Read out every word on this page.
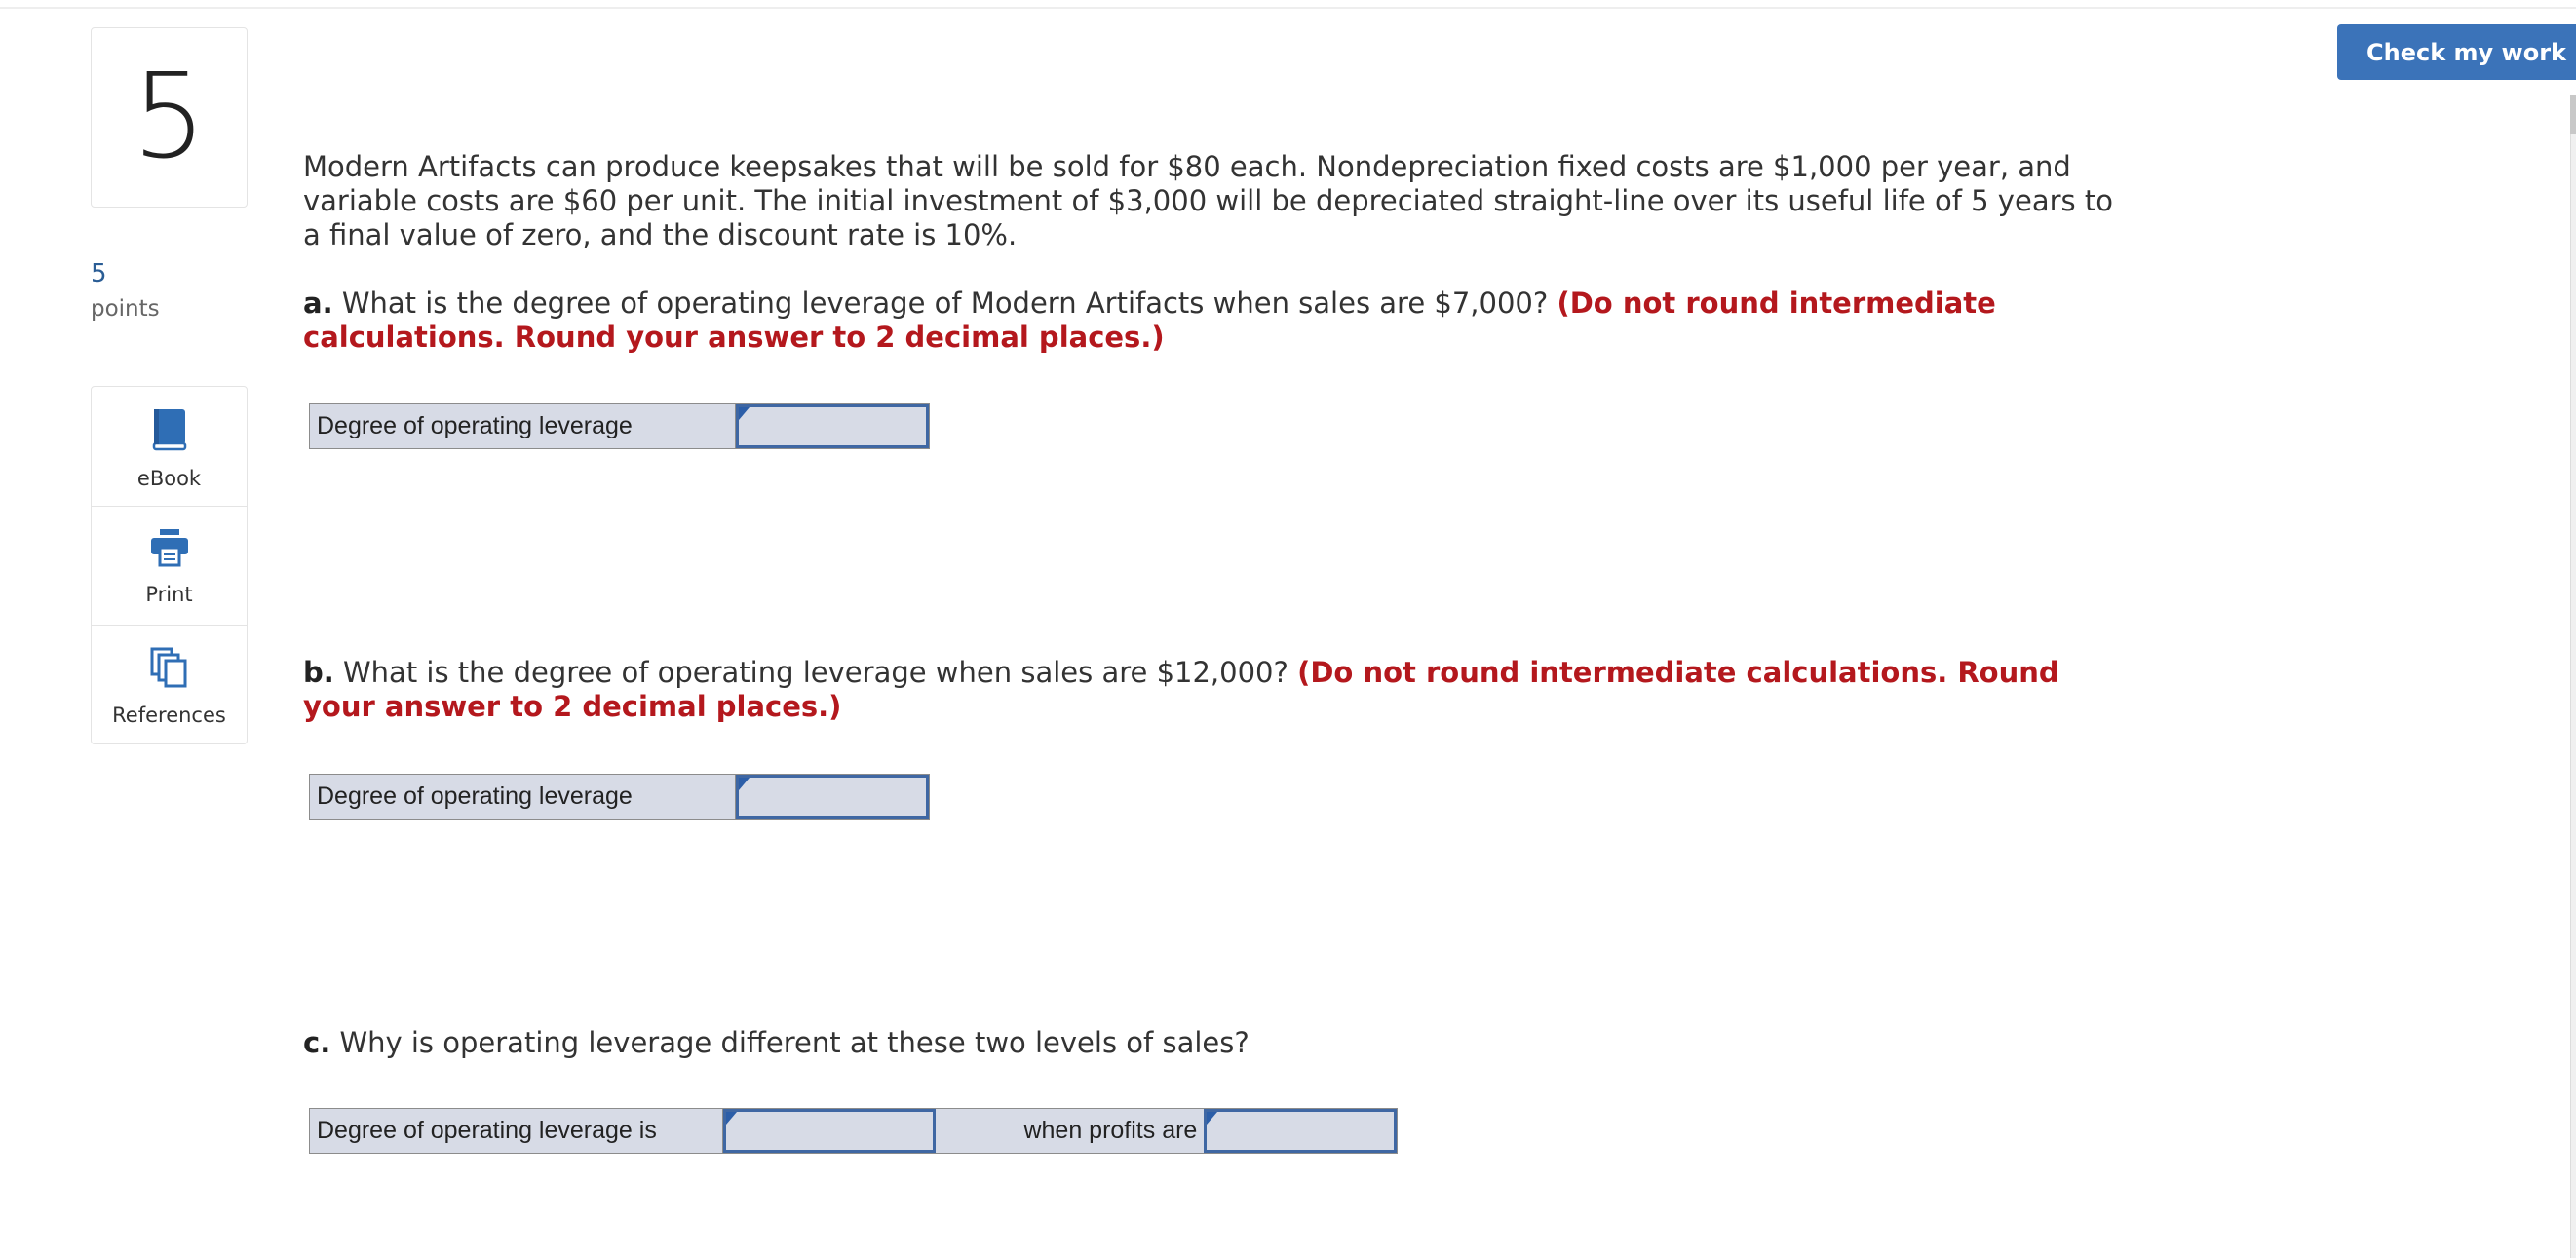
5
5
points
eBook
Print
References
Check my work

Modern Artifacts can produce keepsakes that will be sold for $80 each. Nondepreciation fixed costs are $1,000 per year, and variable costs are $60 per unit. The initial investment of $3,000 will be depreciated straight-line over its useful life of 5 years to a final value of zero, and the discount rate is 10%.

a. What is the degree of operating leverage of Modern Artifacts when sales are $7,000? (Do not round intermediate calculations. Round your answer to 2 decimal places.)

Degree of operating leverage

b. What is the degree of operating leverage when sales are $12,000? (Do not round intermediate calculations. Round your answer to 2 decimal places.)

Degree of operating leverage

c. Why is operating leverage different at these two levels of sales?

Degree of operating leverage is	when profits are
